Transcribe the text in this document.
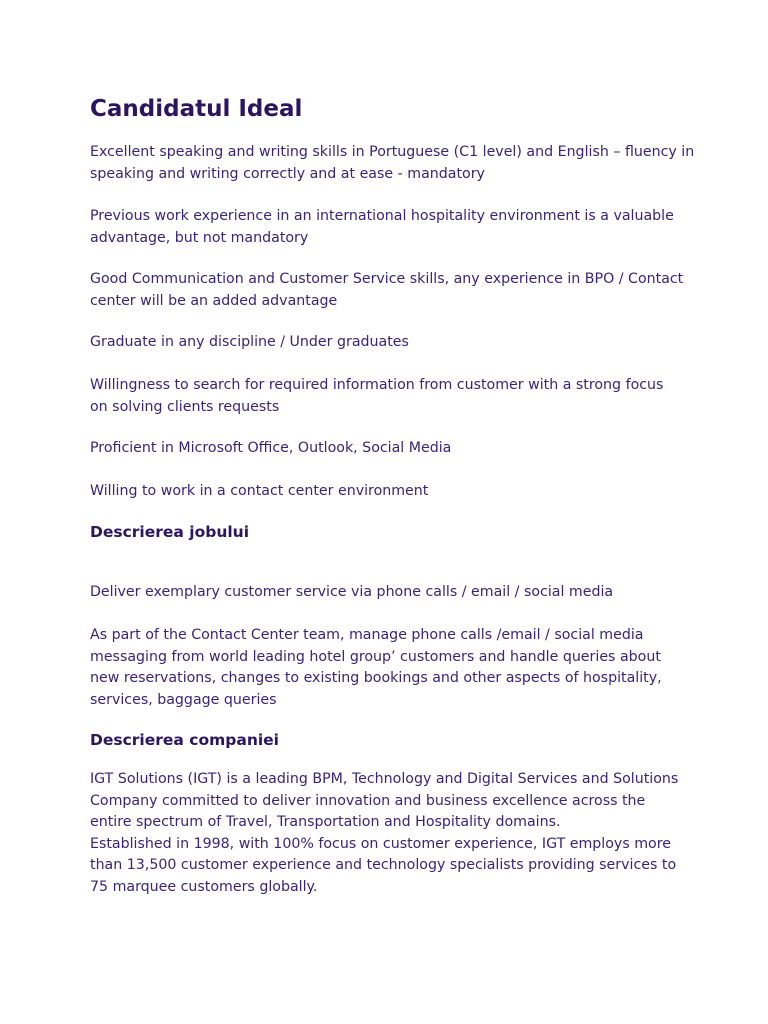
Candidatul Ideal
Excellent speaking and writing skills in Portuguese (C1 level) and English – fluency in
speaking and writing correctly and at ease - mandatory
Previous work experience in an international hospitality environment is a valuable
advantage, but not mandatory
Good Communication and Customer Service skills, any experience in BPO / Contact
center will be an added advantage
Graduate in any discipline / Under graduates
Willingness to search for required information from customer with a strong focus
on solving clients requests
Proficient in Microsoft Office, Outlook, Social Media
Willing to work in a contact center environment
Descrierea jobului
Deliver exemplary customer service via phone calls / email / social media
As part of the Contact Center team, manage phone calls /email / social media
messaging from world leading hotel group’ customers and handle queries about
new reservations, changes to existing bookings and other aspects of hospitality,
services, baggage queries
Descrierea companiei
IGT Solutions (IGT) is a leading BPM, Technology and Digital Services and Solutions
Company committed to deliver innovation and business excellence across the
entire spectrum of Travel, Transportation and Hospitality domains.
Established in 1998, with 100% focus on customer experience, IGT employs more
than 13,500 customer experience and technology specialists providing services to
75 marquee customers globally.
